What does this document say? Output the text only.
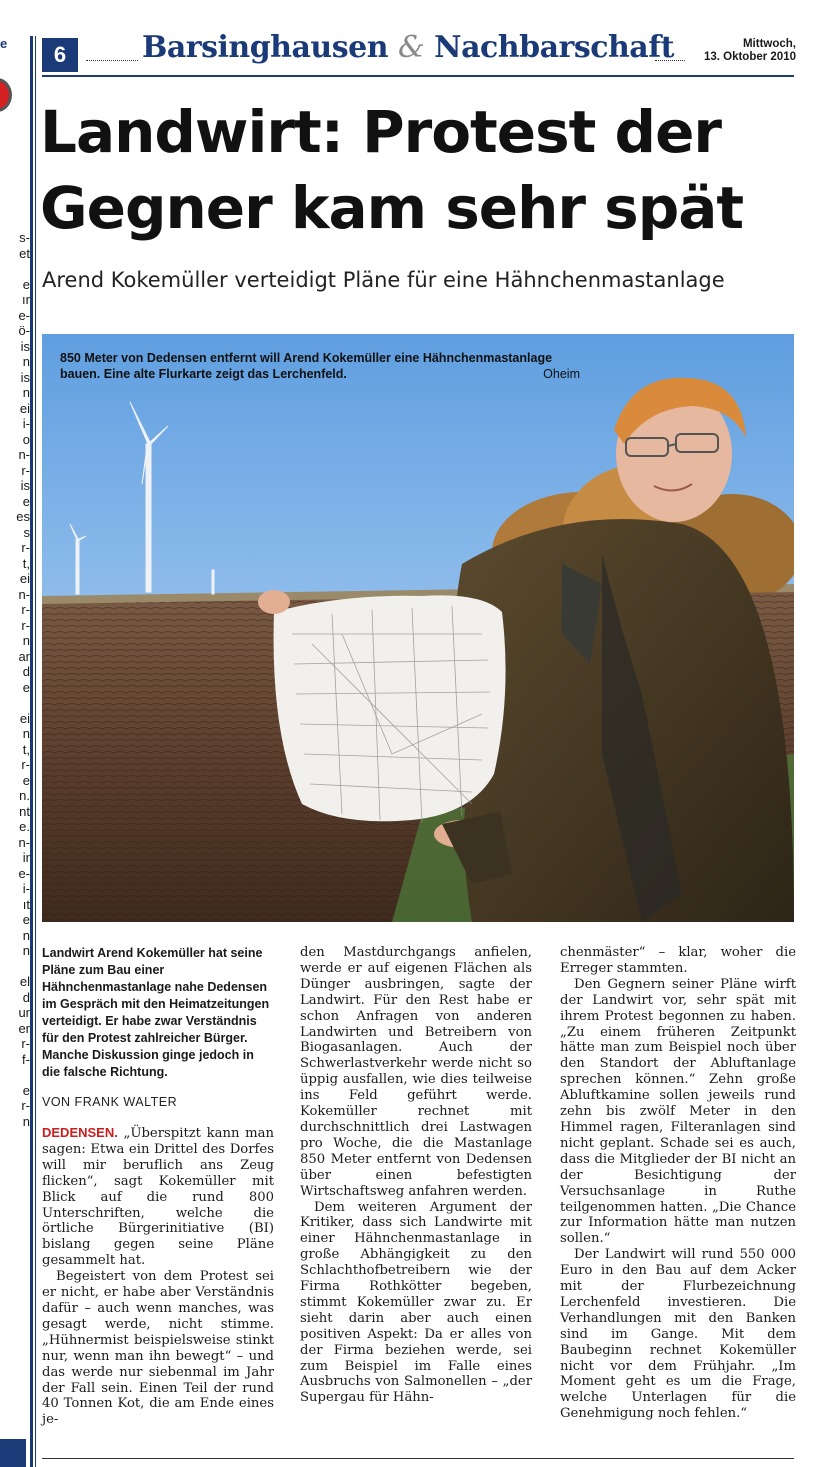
e
s-
et
e
ır
e-
ö-
is
n
is
n
ei
i-
o
n-
r-
is
e
es
s
r-
t,
ei
n-
r-
r-
n
ar
d
e
ei
n
t,
r-
e
n.
nt
e.
n-
ir
e-
i-
ıt
e
n
n
el
d
ur
er
r-
f-
e
r-
n
6	Barsinghausen & Nachbarschaft	Mittwoch,
13. Oktober 2010
Landwirt: Protest der
Gegner kam sehr spät
Arend Kokemüller verteidigt Pläne für eine Hähnchenmastanlage
850 Meter von Dedensen entfernt will Arend Kokemüller eine Hähnchenmastanlage bauen. Eine alte Flurkarte zeigt das Lerchenfeld.	Oheim
Landwirt Arend Kokemüller hat seine Pläne zum Bau einer Hähnchenmastanlage nahe Dedensen im Gespräch mit den Heimatzeitungen verteidigt. Er habe zwar Verständnis für den Protest zahlreicher Bürger. Manche Diskussion ginge jedoch in die falsche Richtung.
VON FRANK WALTER

DEDENSEN. „Überspitzt kann man sagen: Etwa ein Drittel des Dorfes will mir beruflich ans Zeug flicken“, sagt Kokemüller mit Blick auf die rund 800 Unterschriften, welche die örtliche Bürgerinitiative (BI) bislang gegen seine Pläne gesammelt hat.

Begeistert von dem Protest sei er nicht, er habe aber Verständnis dafür – auch wenn manches, was gesagt werde, nicht stimme. „Hühnermist beispielsweise stinkt nur, wenn man ihn bewegt“ – und das werde nur siebenmal im Jahr der Fall sein. Einen Teil der rund 40 Tonnen Kot, die am Ende eines je-

den Mastdurchgangs anfielen, werde er auf eigenen Flächen als Dünger ausbringen, sagte der Landwirt. Für den Rest habe er schon Anfragen von anderen Landwirten und Betreibern von Biogasanlagen. Auch der Schwerlastverkehr werde nicht so üppig ausfallen, wie dies teilweise ins Feld geführt werde. Kokemüller rechnet mit durchschnittlich drei Lastwagen pro Woche, die die Mastanlage 850 Meter entfernt von Dedensen über einen befestigten Wirtschaftsweg anfahren werden.

Dem weiteren Argument der Kritiker, dass sich Landwirte mit einer Hähnchenmastanlage in große Abhängigkeit zu den Schlachthofbetreibern wie der Firma Rothkötter begeben, stimmt Kokemüller zwar zu. Er sieht darin aber auch einen positiven Aspekt: Da er alles von der Firma beziehen werde, sei zum Beispiel im Falle eines Ausbruchs von Salmonellen – „der Supergau für Hähn-

chenmäster“ – klar, woher die Erreger stammten.

Den Gegnern seiner Pläne wirft der Landwirt vor, sehr spät mit ihrem Protest begonnen zu haben. „Zu einem früheren Zeitpunkt hätte man zum Beispiel noch über den Standort der Abluftanlage sprechen können.“ Zehn große Abluftkamine sollen jeweils rund zehn bis zwölf Meter in den Himmel ragen, Filteranlagen sind nicht geplant. Schade sei es auch, dass die Mitglieder der BI nicht an der Besichtigung der Versuchsanlage in Ruthe teilgenommen hatten. „Die Chance zur Information hätte man nutzen sollen.“

Der Landwirt will rund 550 000 Euro in den Bau auf dem Acker mit der Flurbezeichnung Lerchenfeld investieren. Die Verhandlungen mit den Banken sind im Gange. Mit dem Baubeginn rechnet Kokemüller nicht vor dem Frühjahr. „Im Moment geht es um die Frage, welche Unterlagen für die Genehmigung noch fehlen.“
